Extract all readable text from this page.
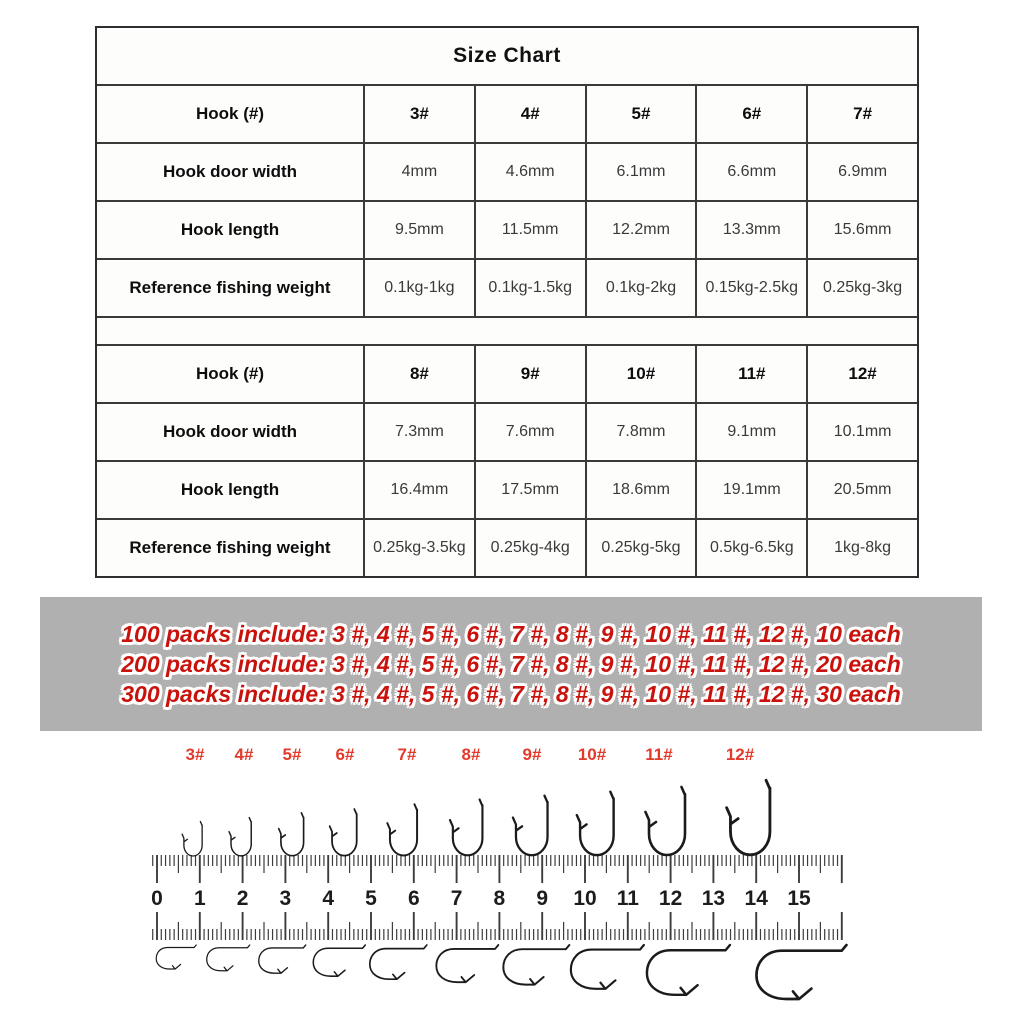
Size Chart
Hook (#)	3#	4#	5#	6#	7#
Hook door width	4mm	4.6mm	6.1mm	6.6mm	6.9mm
Hook length	9.5mm	11.5mm	12.2mm	13.3mm	15.6mm
Reference fishing weight	0.1kg-1kg	0.1kg-1.5kg	0.1kg-2kg	0.15kg-2.5kg	0.25kg-3kg
Hook (#)	8#	9#	10#	11#	12#
Hook door width	7.3mm	7.6mm	7.8mm	9.1mm	10.1mm
Hook length	16.4mm	17.5mm	18.6mm	19.1mm	20.5mm
Reference fishing weight	0.25kg-3.5kg	0.25kg-4kg	0.25kg-5kg	0.5kg-6.5kg	1kg-8kg
100 packs include: 3 #, 4 #, 5 #, 6 #, 7 #, 8 #, 9 #, 10 #, 11 #, 12 #, 10 each
200 packs include: 3 #, 4 #, 5 #, 6 #, 7 #, 8 #, 9 #, 10 #, 11 #, 12 #, 20 each
300 packs include: 3 #, 4 #, 5 #, 6 #, 7 #, 8 #, 9 #, 10 #, 11 #, 12 #, 30 each
3# 4# 5# 6#	7#	8# 9# 10# 11#	12#
0 1 2 3 4 5 6 7 8 9 10 11 12 13 14 15
